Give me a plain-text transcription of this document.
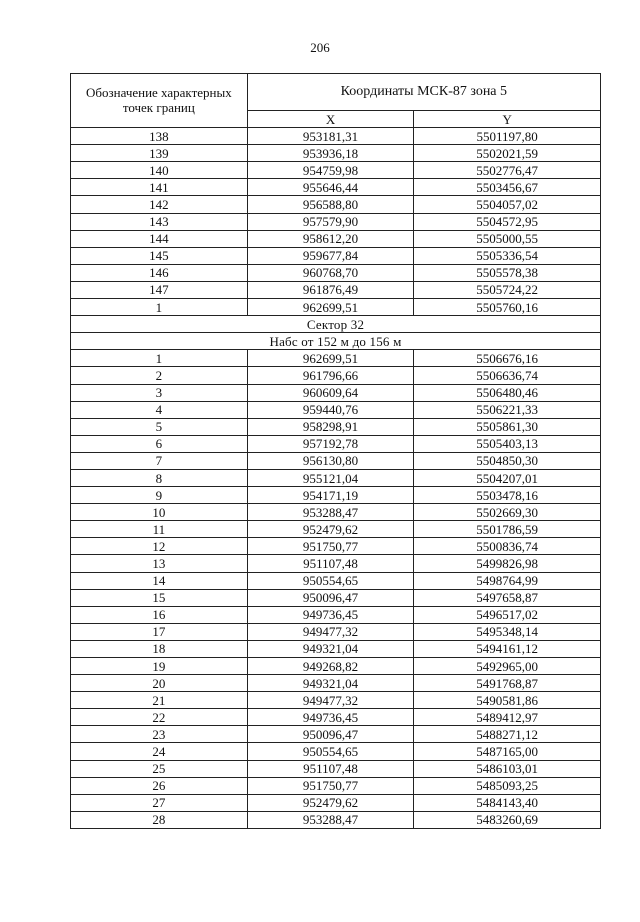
206
Обозначение характерных точек границ	Координаты МСК-87 зона 5	
	X	Y
138	953181,31	5501197,80
139	953936,18	5502021,59
140	954759,98	5502776,47
141	955646,44	5503456,67
142	956588,80	5504057,02
143	957579,90	5504572,95
144	958612,20	5505000,55
145	959677,84	5505336,54
146	960768,70	5505578,38
147	961876,49	5505724,22
1	962699,51	5505760,16
Сектор 32		
Набс от 152 м до 156 м		
1	962699,51	5506676,16
2	961796,66	5506636,74
3	960609,64	5506480,46
4	959440,76	5506221,33
5	958298,91	5505861,30
6	957192,78	5505403,13
7	956130,80	5504850,30
8	955121,04	5504207,01
9	954171,19	5503478,16
10	953288,47	5502669,30
11	952479,62	5501786,59
12	951750,77	5500836,74
13	951107,48	5499826,98
14	950554,65	5498764,99
15	950096,47	5497658,87
16	949736,45	5496517,02
17	949477,32	5495348,14
18	949321,04	5494161,12
19	949268,82	5492965,00
20	949321,04	5491768,87
21	949477,32	5490581,86
22	949736,45	5489412,97
23	950096,47	5488271,12
24	950554,65	5487165,00
25	951107,48	5486103,01
26	951750,77	5485093,25
27	952479,62	5484143,40
28	953288,47	5483260,69
